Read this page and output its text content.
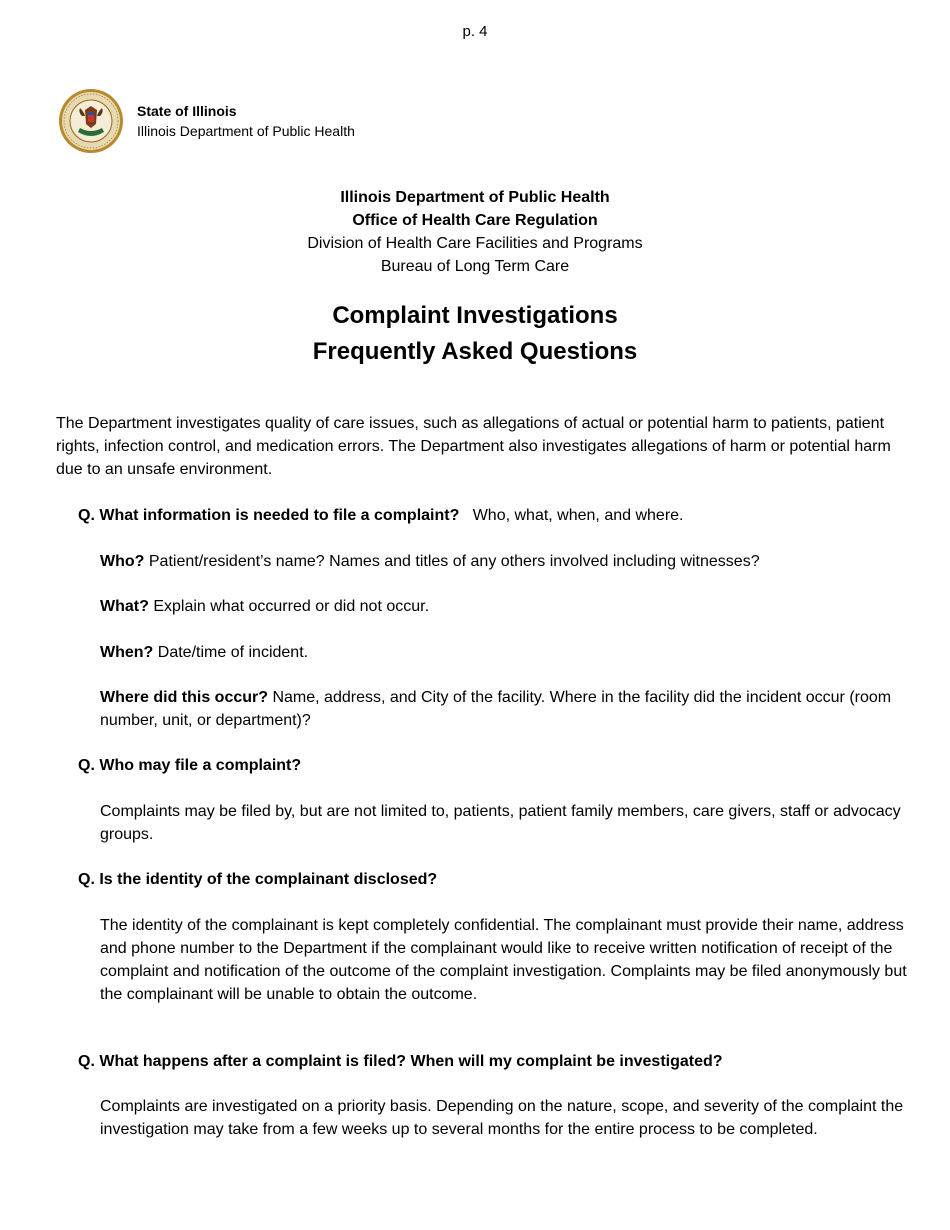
p. 4
State of Illinois
Illinois Department of Public Health
Illinois Department of Public Health
Office of Health Care Regulation
Division of Health Care Facilities and Programs
Bureau of Long Term Care
Complaint Investigations
Frequently Asked Questions
The Department investigates quality of care issues, such as allegations of actual or potential harm to patients, patient rights, infection control, and medication errors. The Department also investigates allegations of harm or potential harm due to an unsafe environment.
Q. What information is needed to file a complaint? Who, what, when, and where.
Who? Patient/resident’s name? Names and titles of any others involved including witnesses?
What? Explain what occurred or did not occur.
When? Date/time of incident.
Where did this occur? Name, address, and City of the facility. Where in the facility did the incident occur (room number, unit, or department)?
Q. Who may file a complaint?
Complaints may be filed by, but are not limited to, patients, patient family members, care givers, staff or advocacy groups.
Q. Is the identity of the complainant disclosed?
The identity of the complainant is kept completely confidential. The complainant must provide their name, address and phone number to the Department if the complainant would like to receive written notification of receipt of the complaint and notification of the outcome of the complaint investigation. Complaints may be filed anonymously but the complainant will be unable to obtain the outcome.
Q. What happens after a complaint is filed? When will my complaint be investigated?
Complaints are investigated on a priority basis. Depending on the nature, scope, and severity of the complaint the investigation may take from a few weeks up to several months for the entire process to be completed.
